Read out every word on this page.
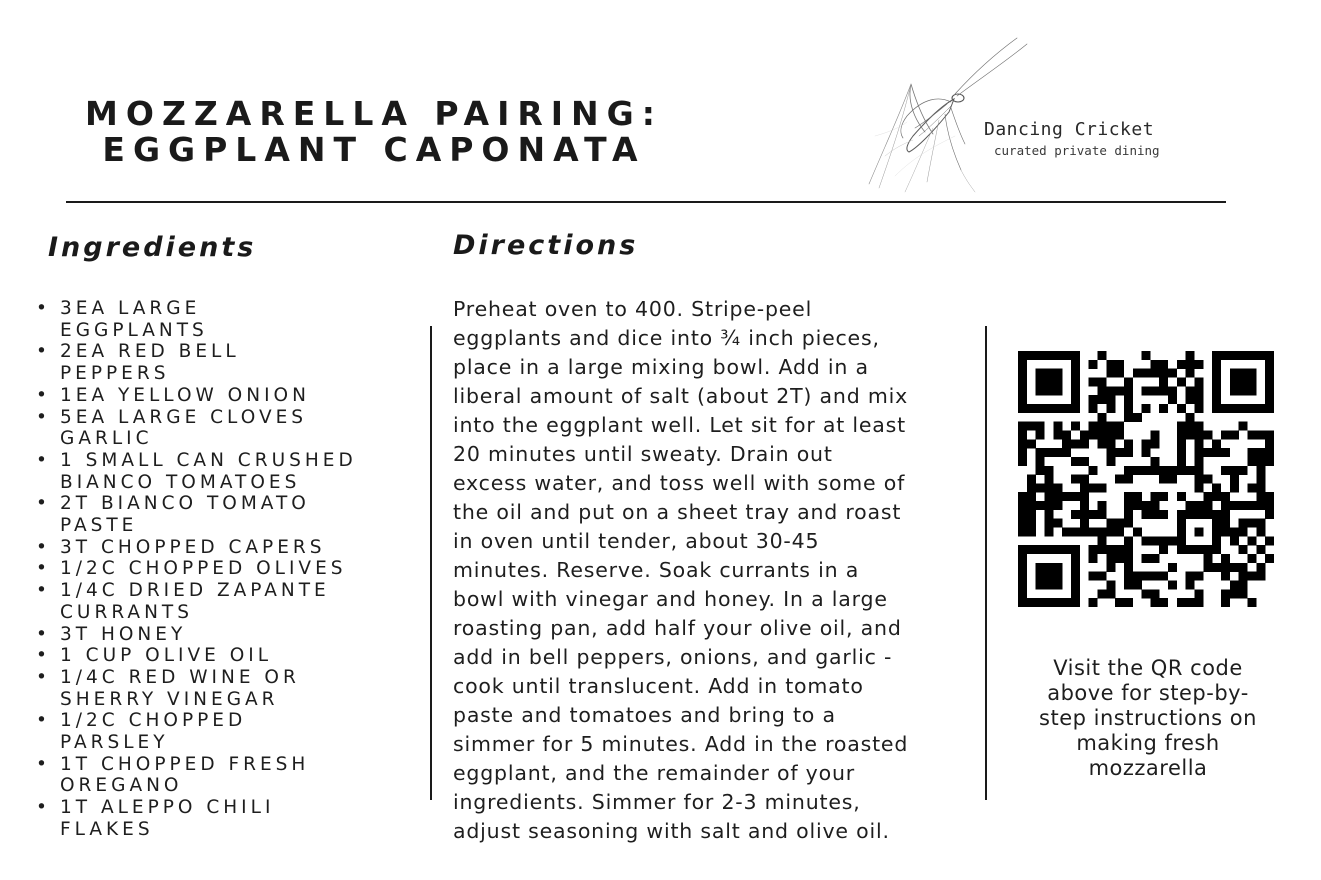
MOZZARELLA PAIRING:
EGGPLANT CAPONATA
Dancing Cricket
curated private dining
Ingredients	Directions
• 3EA LARGE
EGGPLANTS
• 2EA RED BELL
PEPPERS
• 1EA YELLOW ONION
• 5EA LARGE CLOVES
GARLIC
• 1 SMALL CAN CRUSHED
BIANCO TOMATOES
• 2T BIANCO TOMATO
PASTE
• 3T CHOPPED CAPERS
• 1/2C CHOPPED OLIVES
• 1/4C DRIED ZAPANTE
CURRANTS
• 3T HONEY
• 1 CUP OLIVE OIL
• 1/4C RED WINE OR
SHERRY VINEGAR
• 1/2C CHOPPED
PARSLEY
• 1T CHOPPED FRESH
OREGANO
• 1T ALEPPO CHILI
FLAKES
Preheat oven to 400. Stripe-peel
eggplants and dice into ¾ inch pieces,
place in a large mixing bowl. Add in a
liberal amount of salt (about 2T) and mix
into the eggplant well. Let sit for at least
20 minutes until sweaty. Drain out
excess water, and toss well with some of
the oil and put on a sheet tray and roast
in oven until tender, about 30-45
minutes. Reserve. Soak currants in a
bowl with vinegar and honey. In a large
roasting pan, add half your olive oil, and
add in bell peppers, onions, and garlic -
cook until translucent. Add in tomato
paste and tomatoes and bring to a
simmer for 5 minutes. Add in the roasted
eggplant, and the remainder of your
ingredients. Simmer for 2-3 minutes,
adjust seasoning with salt and olive oil.
Visit the QR code
above for step-by-
step instructions on
making fresh
mozzarella
